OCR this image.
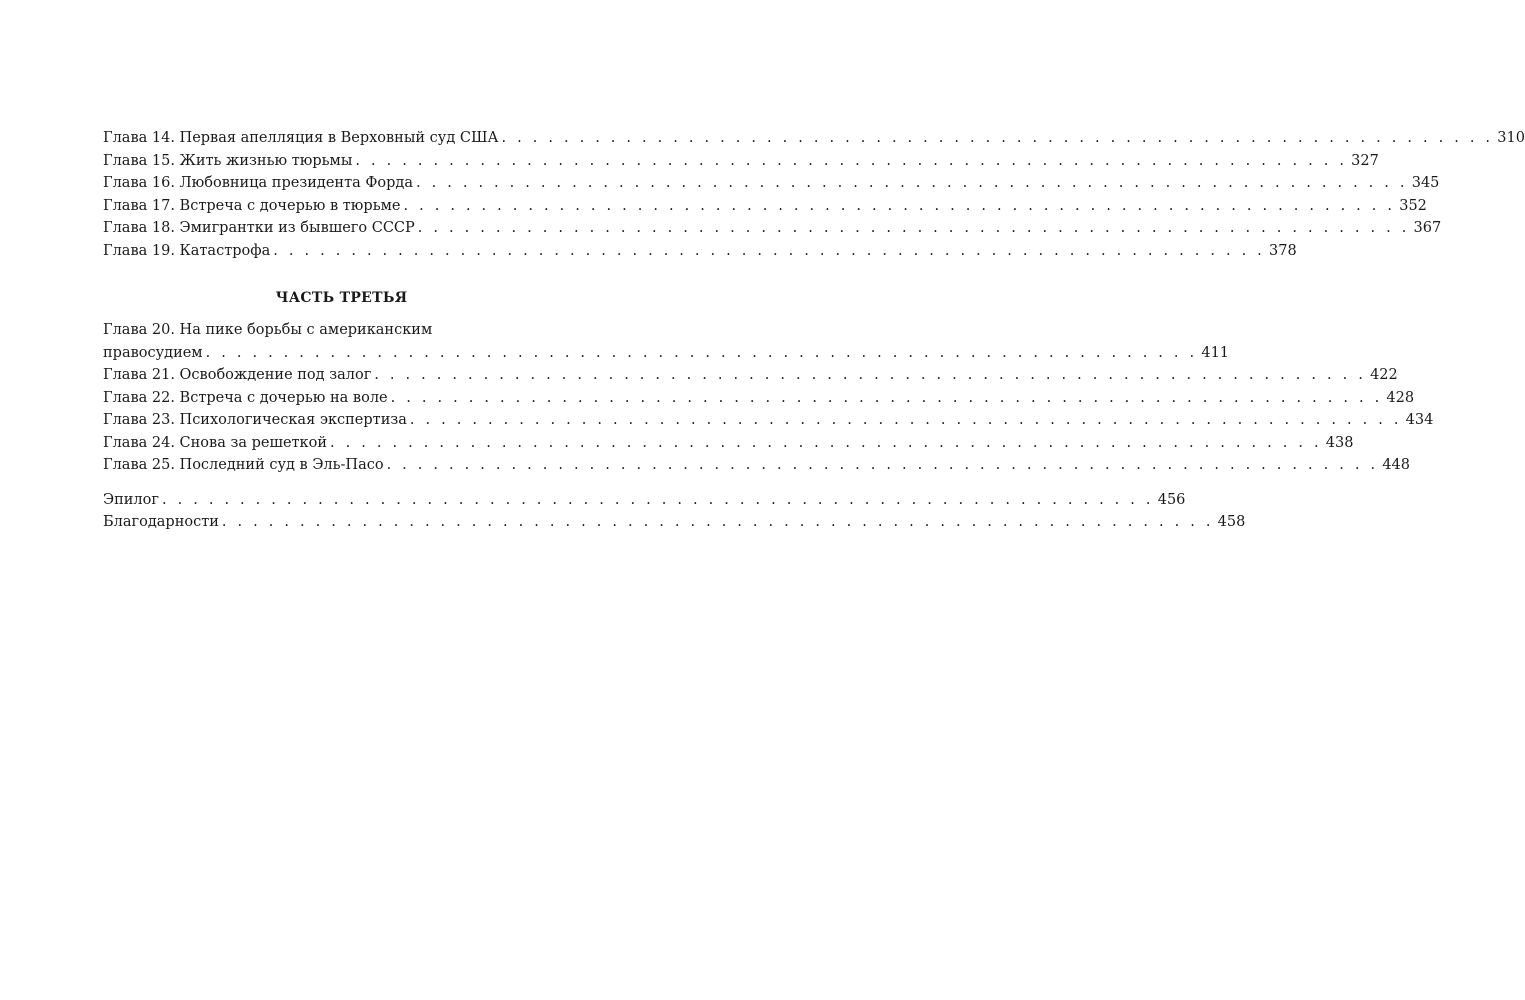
Глава 14. Первая апелляция в Верховный суд США . . . . . . . . . . . . . . . . . . . . . . . . . . . . . . . . . . . . . . . . . . . . . . . . . . . . . . . . . . . . . . . . 310
Глава 15. Жить жизнью тюрьмы . . . . . . . . . . . . . . . . . . . . . . . . . . . . . . . . . . . . . . . . . . . . . . . . . . . . . . . . . . . . . . . . 327
Глава 16. Любовница президента Форда . . . . . . . . . . . . . . . . . . . . . . . . . . . . . . . . . . . . . . . . . . . . . . . . . . . . . . . . . . . . . . . . 345
Глава 17. Встреча с дочерью в тюрьме . . . . . . . . . . . . . . . . . . . . . . . . . . . . . . . . . . . . . . . . . . . . . . . . . . . . . . . . . . . . . . . . 352
Глава 18. Эмигрантки из бывшего СССР . . . . . . . . . . . . . . . . . . . . . . . . . . . . . . . . . . . . . . . . . . . . . . . . . . . . . . . . . . . . . . . . 367
Глава 19. Катастрофа . . . . . . . . . . . . . . . . . . . . . . . . . . . . . . . . . . . . . . . . . . . . . . . . . . . . . . . . . . . . . . . . 378
ЧАСТЬ ТРЕТЬЯ
Глава 20. На пике борьбы с американским
правосудием . . . . . . . . . . . . . . . . . . . . . . . . . . . . . . . . . . . . . . . . . . . . . . . . . . . . . . . . . . . . . . . . 411
Глава 21. Освобождение под залог . . . . . . . . . . . . . . . . . . . . . . . . . . . . . . . . . . . . . . . . . . . . . . . . . . . . . . . . . . . . . . . . 422
Глава 22. Встреча с дочерью на воле . . . . . . . . . . . . . . . . . . . . . . . . . . . . . . . . . . . . . . . . . . . . . . . . . . . . . . . . . . . . . . . . 428
Глава 23. Психологическая экспертиза . . . . . . . . . . . . . . . . . . . . . . . . . . . . . . . . . . . . . . . . . . . . . . . . . . . . . . . . . . . . . . . . 434
Глава 24. Снова за решеткой . . . . . . . . . . . . . . . . . . . . . . . . . . . . . . . . . . . . . . . . . . . . . . . . . . . . . . . . . . . . . . . . 438
Глава 25. Последний суд в Эль-Пасо . . . . . . . . . . . . . . . . . . . . . . . . . . . . . . . . . . . . . . . . . . . . . . . . . . . . . . . . . . . . . . . . 448
Эпилог . . . . . . . . . . . . . . . . . . . . . . . . . . . . . . . . . . . . . . . . . . . . . . . . . . . . . . . . . . . . . . . . 456
Благодарности . . . . . . . . . . . . . . . . . . . . . . . . . . . . . . . . . . . . . . . . . . . . . . . . . . . . . . . . . . . . . . . . 458
